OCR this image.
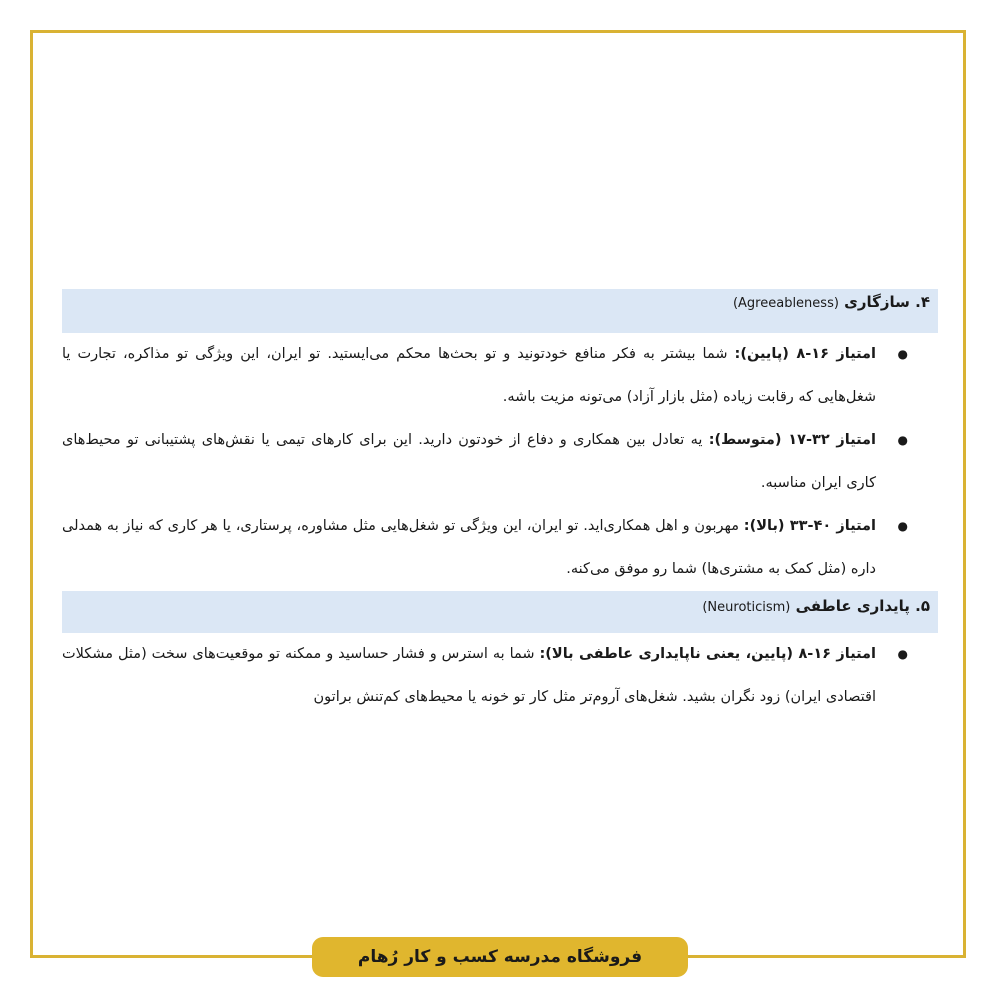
۴. سازگاری (Agreeableness)
●
امتیاز ۱۶-۸ (پایین): شما بیشتر به فکر منافع خودتونید و تو بحث‌ها محکم می‌ایستید. تو ایران، این ویژگی تو مذاکره، تجارت یا شغل‌هایی که رقابت زیاده (مثل بازار آزاد) می‌تونه مزیت باشه.
●
امتیاز ۳۲-۱۷ (متوسط): یه تعادل بین همکاری و دفاع از خودتون دارید. این برای کارهای تیمی یا نقش‌های پشتیبانی تو محیط‌های کاری ایران مناسبه.
●
امتیاز ۴۰-۳۳ (بالا): مهربون و اهل همکاری‌اید. تو ایران، این ویژگی تو شغل‌هایی مثل مشاوره، پرستاری، یا هر کاری که نیاز به همدلی داره (مثل کمک به مشتری‌ها) شما رو موفق می‌کنه.
۵. پایداری عاطفی (Neuroticism)
●
امتیاز ۱۶-۸ (پایین، یعنی ناپایداری عاطفی بالا): شما به استرس و فشار حساسید و ممکنه تو موقعیت‌های سخت (مثل مشکلات اقتصادی ایران) زود نگران بشید. شغل‌های آروم‌تر مثل کار تو خونه یا محیط‌های کم‌تنش براتون
فروشگاه مدرسه کسب و کار رُهام
